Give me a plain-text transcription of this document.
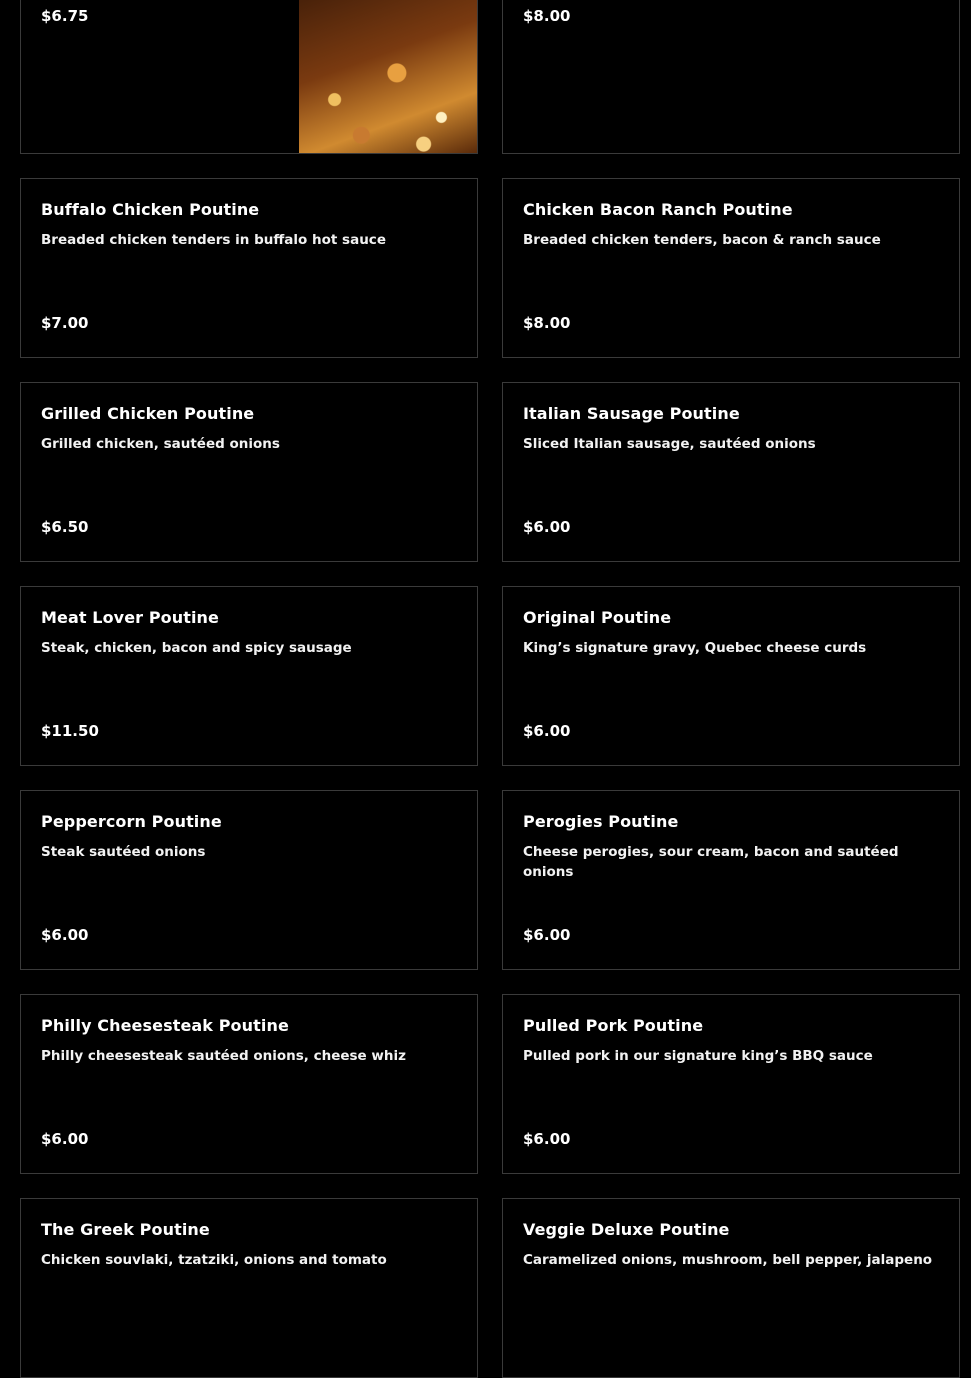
$6.75	$8.00
Buffalo Chicken Poutine
Breaded chicken tenders in buffalo hot sauce
$7.00
Chicken Bacon Ranch Poutine
Breaded chicken tenders, bacon & ranch sauce
$8.00
Grilled Chicken Poutine
Grilled chicken, sautéed onions
$6.50
Italian Sausage Poutine
Sliced Italian sausage, sautéed onions
$6.00
Meat Lover Poutine
Steak, chicken, bacon and spicy sausage
$11.50
Original Poutine
King’s signature gravy, Quebec cheese curds
$6.00
Peppercorn Poutine
Steak sautéed onions
$6.00
Perogies Poutine
Cheese perogies, sour cream, bacon and sautéed onions
$6.00
Philly Cheesesteak Poutine
Philly cheesesteak sautéed onions, cheese whiz
$6.00
Pulled Pork Poutine
Pulled pork in our signature king’s BBQ sauce
$6.00
The Greek Poutine
Chicken souvlaki, tzatziki, onions and tomato
Veggie Deluxe Poutine
Caramelized onions, mushroom, bell pepper, jalapeno
